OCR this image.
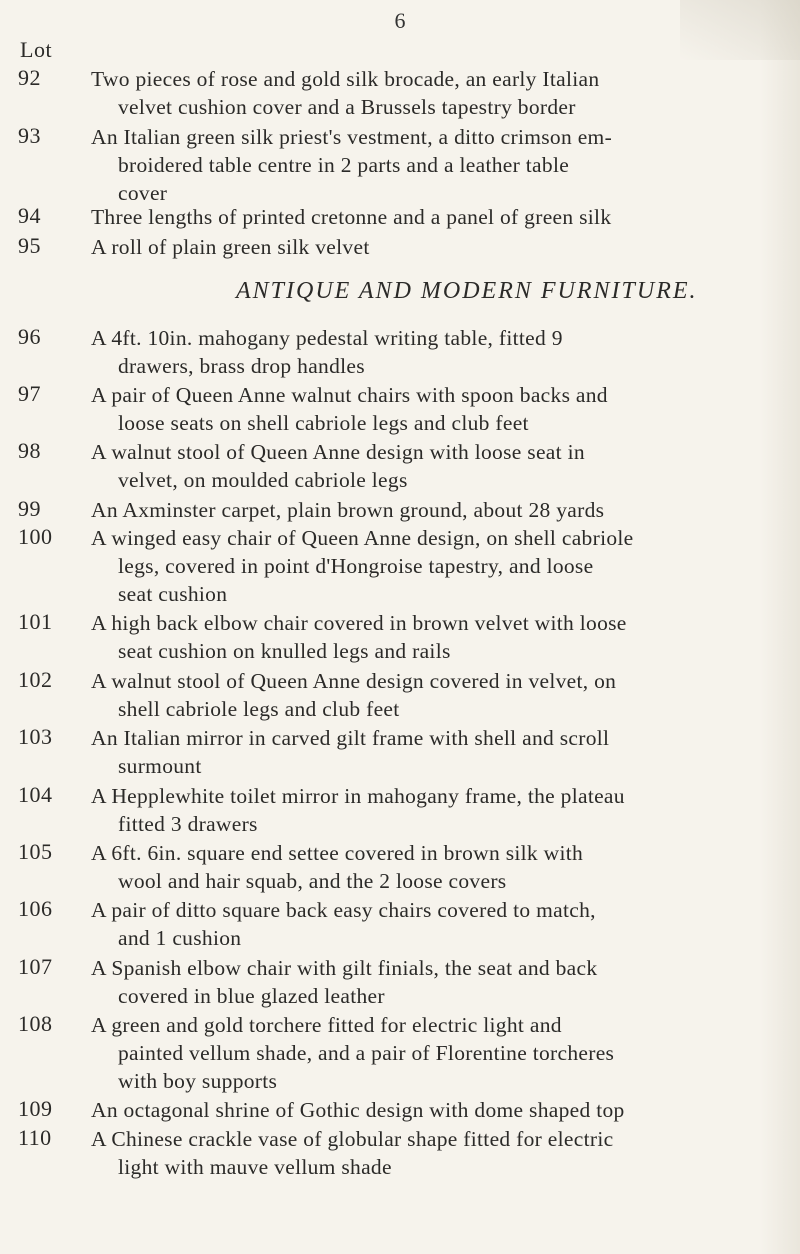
6
Lot
92	Two pieces of rose and gold silk brocade, an early Italian
velvet cushion cover and a Brussels tapestry border
93	An Italian green silk priest's vestment, a ditto crimson em-
broidered table centre in 2 parts and a leather table
cover
94	Three lengths of printed cretonne and a panel of green silk
95	A roll of plain green silk velvet
ANTIQUE AND MODERN FURNITURE.
96	A 4ft. 10in. mahogany pedestal writing table, fitted 9
drawers, brass drop handles
97	A pair of Queen Anne walnut chairs with spoon backs and
loose seats on shell cabriole legs and club feet
98	A walnut stool of Queen Anne design with loose seat in
velvet, on moulded cabriole legs
99	An Axminster carpet, plain brown ground, about 28 yards
100	A winged easy chair of Queen Anne design, on shell cabriole
legs, covered in point d'Hongroise tapestry, and loose
seat cushion
101	A high back elbow chair covered in brown velvet with loose
seat cushion on knulled legs and rails
102	A walnut stool of Queen Anne design covered in velvet, on
shell cabriole legs and club feet
103	An Italian mirror in carved gilt frame with shell and scroll
surmount
104	A Hepplewhite toilet mirror in mahogany frame, the plateau
fitted 3 drawers
105	A 6ft. 6in. square end settee covered in brown silk with
wool and hair squab, and the 2 loose covers
106	A pair of ditto square back easy chairs covered to match,
and 1 cushion
107	A Spanish elbow chair with gilt finials, the seat and back
covered in blue glazed leather
108	A green and gold torchere fitted for electric light and
painted vellum shade, and a pair of Florentine torcheres
with boy supports
109	An octagonal shrine of Gothic design with dome shaped top
110	A Chinese crackle vase of globular shape fitted for electric
light with mauve vellum shade
